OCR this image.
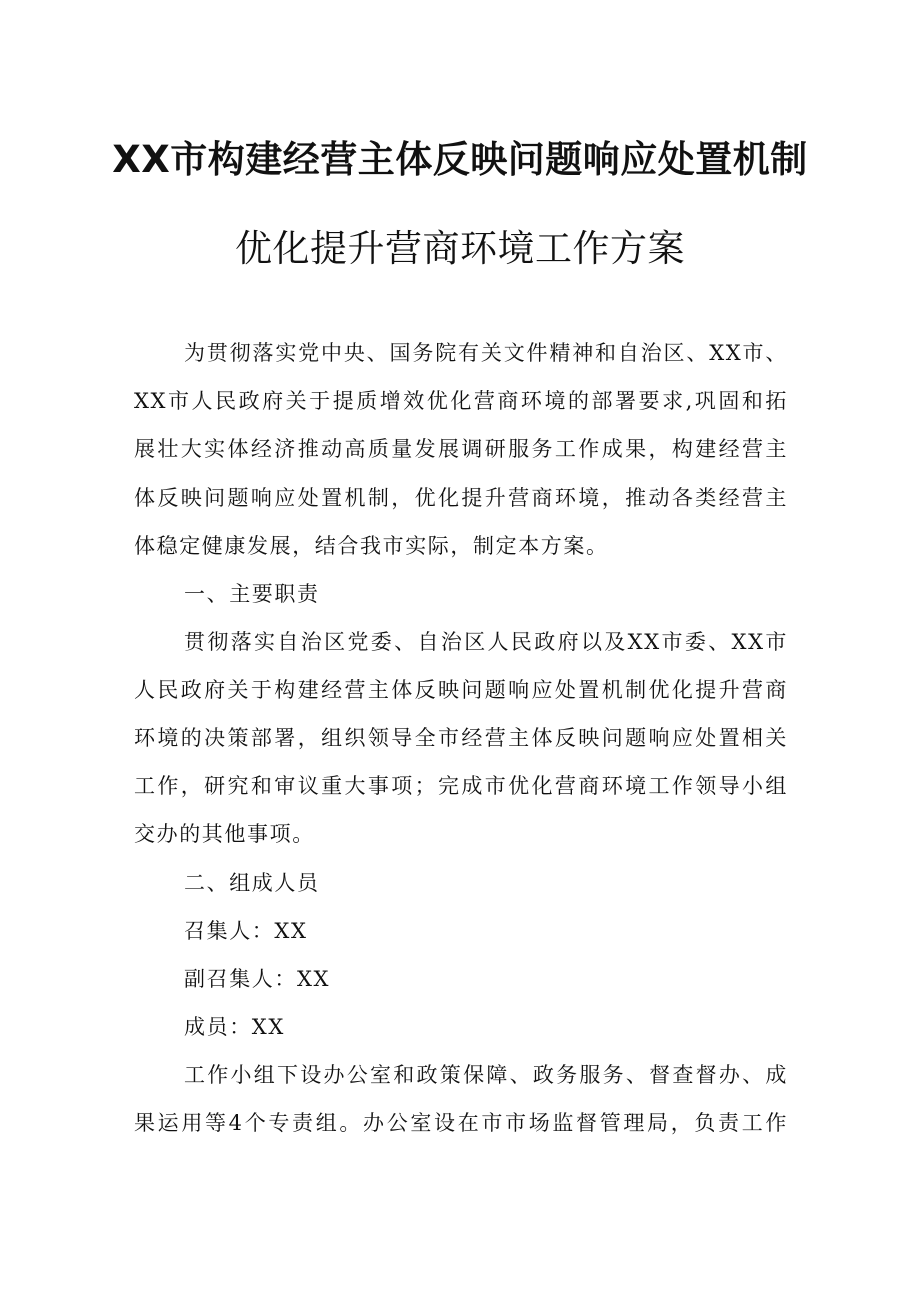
XX市构建经营主体反映问题响应处置机制
优化提升营商环境工作方案
为贯彻落实党中央、国务院有关文件精神和自治区、XX市、
XX市人民政府关于提质增效优化营商环境的部署要求,巩固和拓
展壮大实体经济推动高质量发展调研服务工作成果，构建经营主
体反映问题响应处置机制，优化提升营商环境，推动各类经营主
体稳定健康发展，结合我市实际，制定本方案。
一、主要职责
贯彻落实自治区党委、自治区人民政府以及XX市委、XX市
人民政府关于构建经营主体反映问题响应处置机制优化提升营商
环境的决策部署，组织领导全市经营主体反映问题响应处置相关
工作，研究和审议重大事项；完成市优化营商环境工作领导小组
交办的其他事项。
二、组成人员
召集人：XX
副召集人：XX
成员：XX
工作小组下设办公室和政策保障、政务服务、督查督办、成
果运用等4个专责组。办公室设在市市场监督管理局，负责工作
